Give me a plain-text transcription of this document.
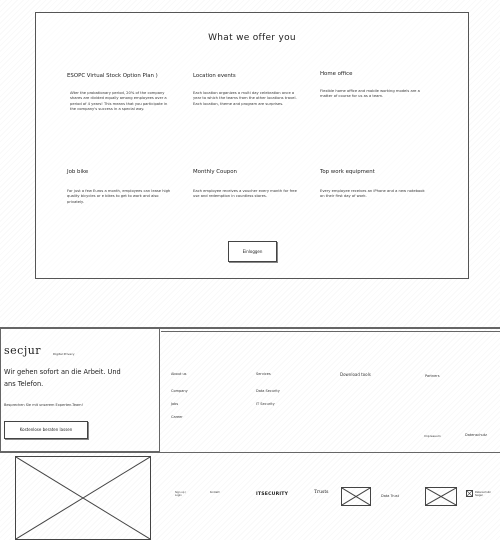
What we offer you
ESOPC Virtual Stock Option Plan )
After the probationary period, 20% of the company shares are divided equally among employees over a period of 4 years! This means that you participate in the company's success in a special way.
Location events
Each location organizes a multi day celebration once a year to which the teams from the other locations travel. Each location, theme and program are surprises.
Home office
Flexible home office and mobile working models are a matter of course for us as a team.
Job bike
For just a few Euros a month, employees can lease high quality bicycles or e bikes to get to work and also privately.
Monthly Coupon
Each employee receives a voucher every month for free use and redemption in countless stores.
Top work equipment
Every employee receives an iPhone and a new notebook on their first day of work.
Einloggen
secjur	Digital Privacy
Wir gehen sofort an die Arbeit. Und ans Telefon.
Besprechen Sie mit unserem Experten-Team!
Kostenlose beraten lassen
About us
Company
Jobs
Career
Services
Data Security
IT Security
Download tools	Partners
Impressum	Datenschutz
Sign up / Login
Kontakt	ITSECURITY	Trusts
Data Trust
Datenschutz Siegel
